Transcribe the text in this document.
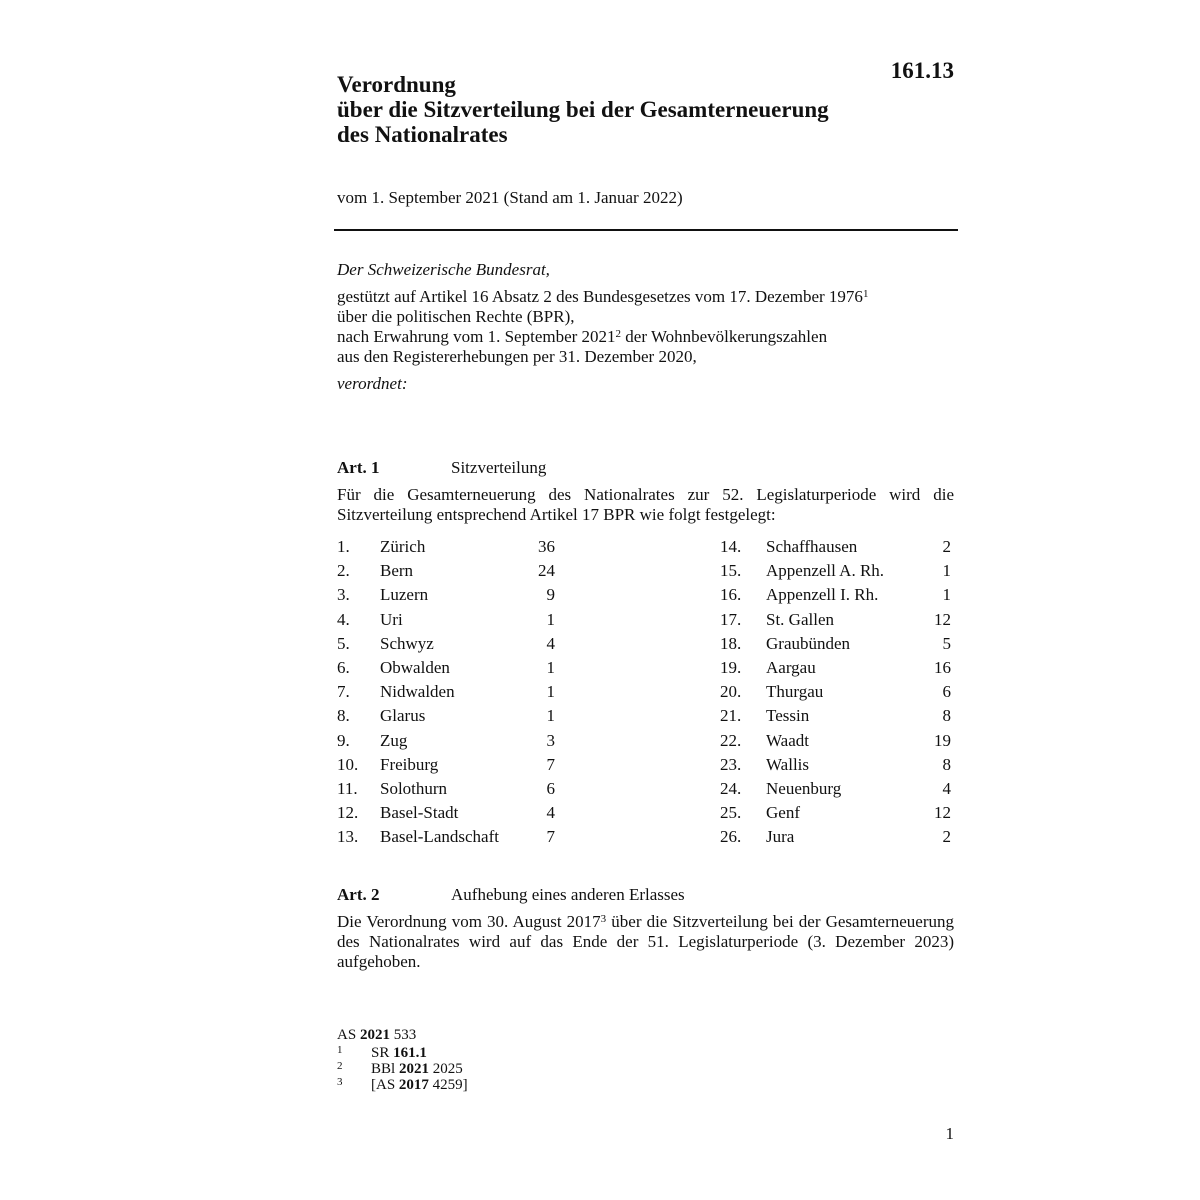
161.13
Verordnung
über die Sitzverteilung bei der Gesamterneuerung
des Nationalrates
vom 1. September 2021 (Stand am 1. Januar 2022)
Der Schweizerische Bundesrat,
gestützt auf Artikel 16 Absatz 2 des Bundesgesetzes vom 17. Dezember 1976$^1$
über die politischen Rechte (BPR),
nach Erwahrung vom 1. September 2021$^2$ der Wohnbevölkerungszahlen
aus den Registererhebungen per 31. Dezember 2020,
verordnet:
Art. 1	Sitzverteilung
Für die Gesamterneuerung des Nationalrates zur 52. Legislaturperiode wird die Sitzverteilung entsprechend Artikel 17 BPR wie folgt festgelegt:
1. Zürich	36	14. Schaffhausen	2
2. Bern	24	15. Appenzell A. Rh.	1
3. Luzern	9	16. Appenzell I. Rh.	1
4. Uri	1	17. St. Gallen	12
5. Schwyz	4	18. Graubünden	5
6. Obwalden	1	19. Aargau	16
7. Nidwalden	1	20. Thurgau	6
8. Glarus	1	21. Tessin	8
9. Zug	3	22. Waadt	19
10. Freiburg	7	23. Wallis	8
11. Solothurn	6	24. Neuenburg	4
12. Basel-Stadt	4	25. Genf	12
13. Basel-Landschaft	7	26. Jura	2
Art. 2	Aufhebung eines anderen Erlasses
Die Verordnung vom 30. August 2017$^3$ über die Sitzverteilung bei der Gesamterneuerung des Nationalrates wird auf das Ende der 51. Legislaturperiode (3. Dezember 2023) aufgehoben.
AS 2021 533
1 SR 161.1
2 BBl 2021 2025
3 [AS 2017 4259]
1
